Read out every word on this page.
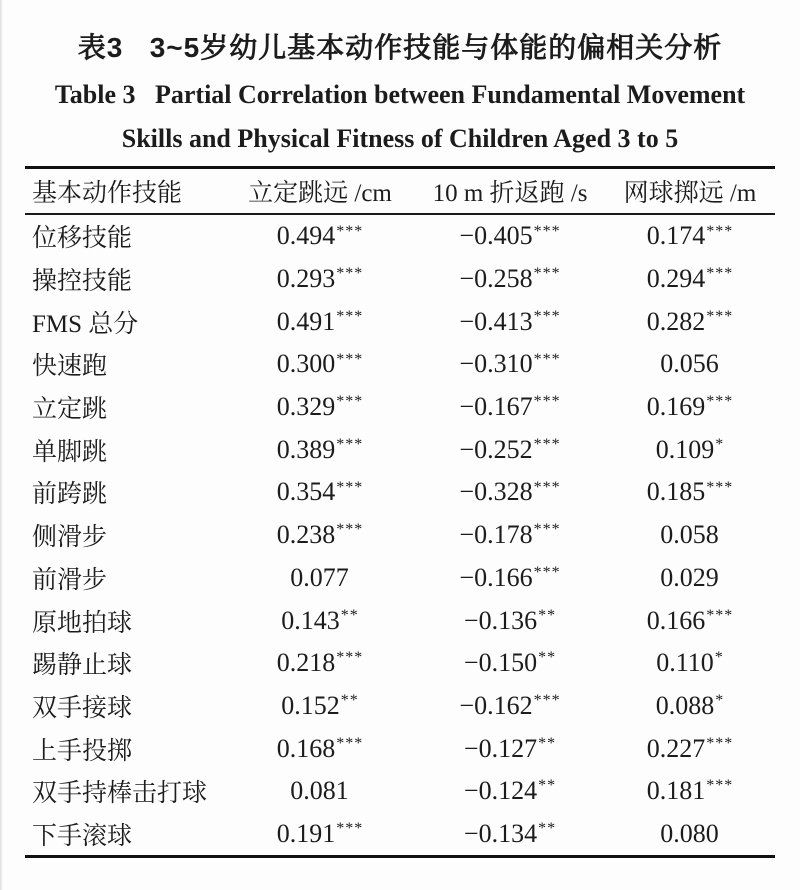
表3   3~5岁幼儿基本动作技能与体能的偏相关分析
Table 3   Partial Correlation between Fundamental Movement
Skills and Physical Fitness of Children Aged 3 to 5
基本动作技能	立定跳远 /cm	10 m 折返跑 /s	网球掷远 /m
位移技能	0.494***	−0.405***	0.174***
操控技能	0.293***	−0.258***	0.294***
FMS 总分	0.491***	−0.413***	0.282***
快速跑	0.300***	−0.310***	0.056
立定跳	0.329***	−0.167***	0.169***
单脚跳	0.389***	−0.252***	0.109*
前跨跳	0.354***	−0.328***	0.185***
侧滑步	0.238***	−0.178***	0.058
前滑步	0.077	−0.166***	0.029
原地拍球	0.143**	−0.136**	0.166***
踢静止球	0.218***	−0.150**	0.110*
双手接球	0.152**	−0.162***	0.088*
上手投掷	0.168***	−0.127**	0.227***
双手持棒击打球	0.081	−0.124**	0.181***
下手滚球	0.191***	−0.134**	0.080
